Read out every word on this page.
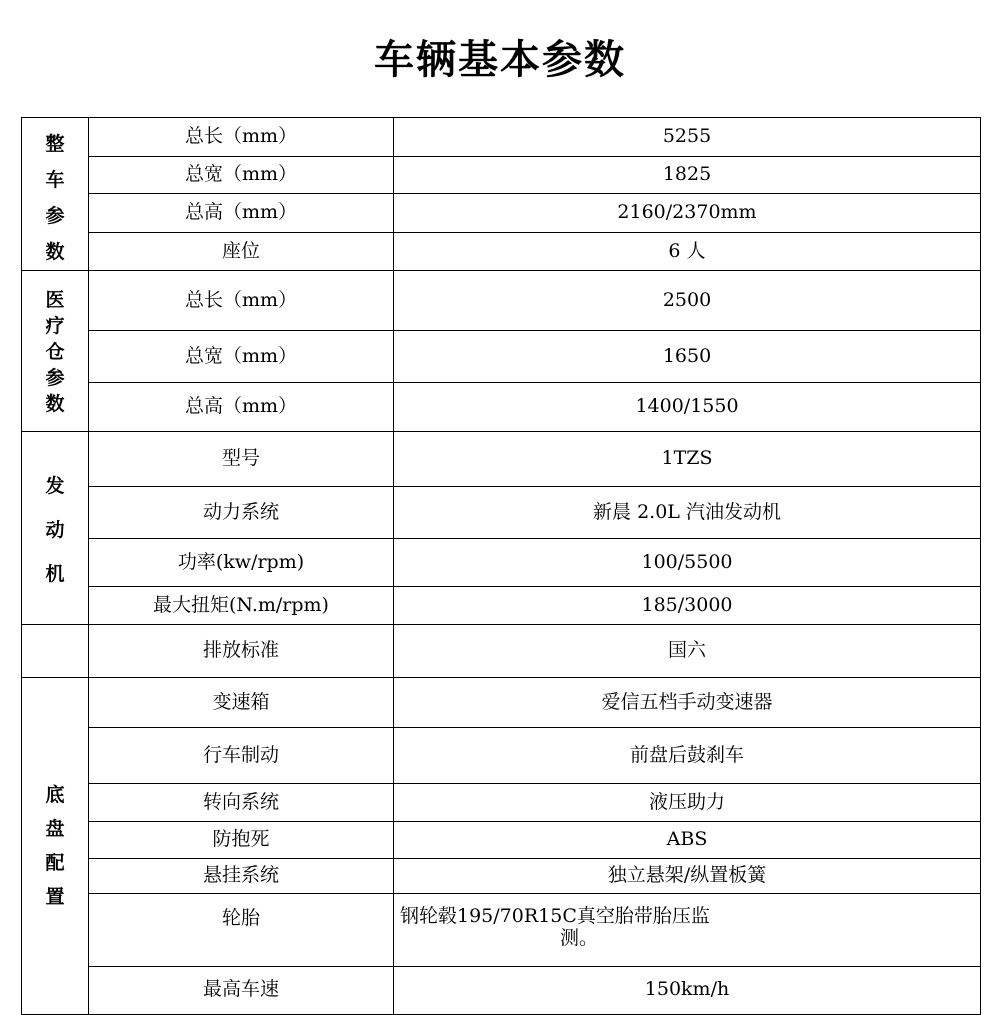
车辆基本参数
整车参数	总长（mm）	5255
	总宽（mm）	1825
	总高（mm）	2160/2370mm
	座位	6 人

医疗仓参数	总长（mm）	2500
	总宽（mm）	1650
	总高（mm）	1400/1550

发动机	型号	1TZS
	动力系统	新晨 2.0L 汽油发动机
	功率(kw/rpm)	100/5500
	最大扭矩(N.m/rpm)	185/3000

	排放标准	国六

底盘配置	变速箱	爱信五档手动变速器
	行车制动	前盘后鼓刹车
	转向系统	液压助力
	防抱死	ABS
	悬挂系统	独立悬架/纵置板簧
	轮胎	钢轮毂195/70R15C真空胎带胎压监
测。

	最高车速	150km/h
